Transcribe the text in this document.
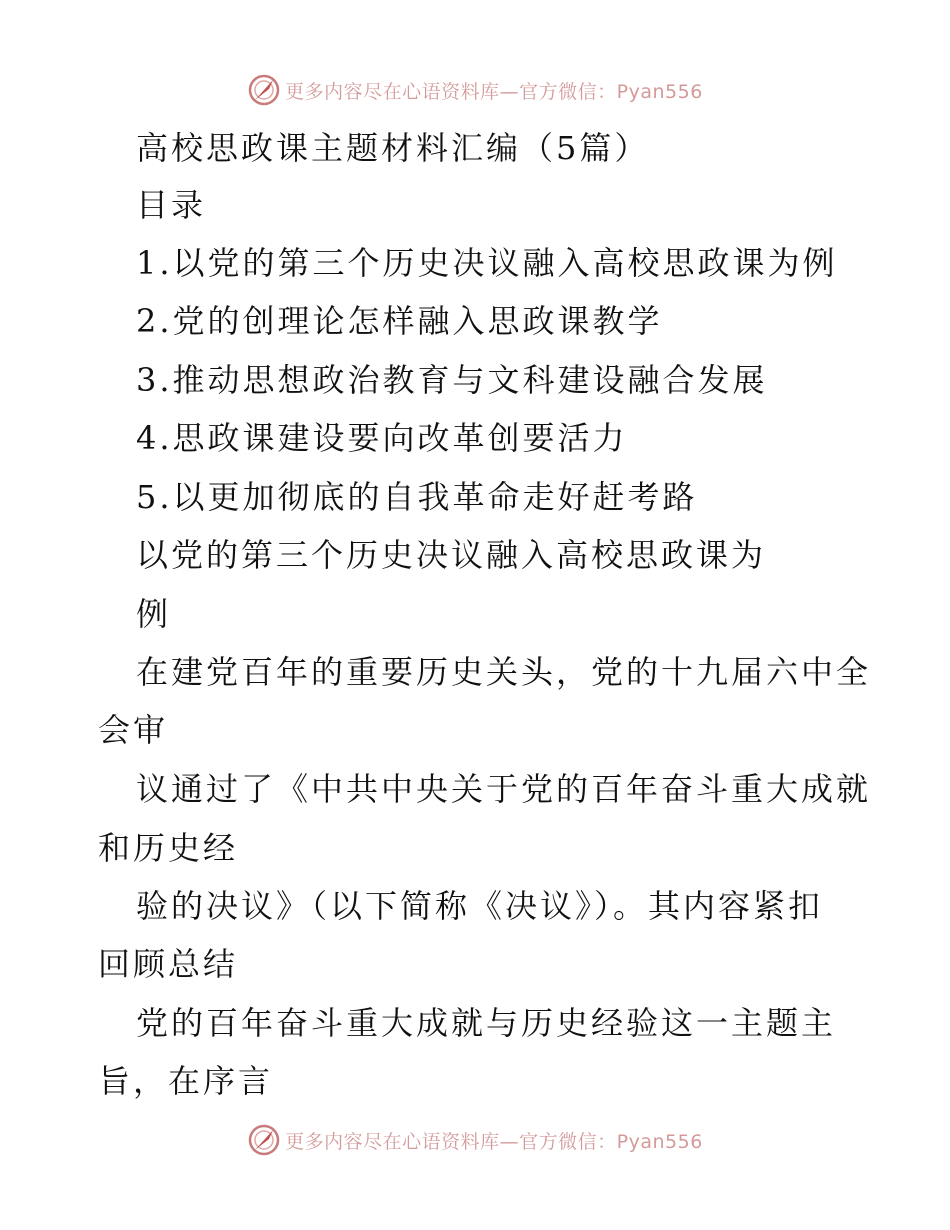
更多内容尽在心语资料库—官方微信：Pyan556
高校思政课主题材料汇编（5篇）
目录
1.以党的第三个历史决议融入高校思政课为例
2.党的创理论怎样融入思政课教学
3.推动思想政治教育与文科建设融合发展
4.思政课建设要向改革创要活力
5.以更加彻底的自我革命走好赶考路
以党的第三个历史决议融入高校思政课为
例
在建党百年的重要历史关头，党的十九届六中全
会审
议通过了《中共中央关于党的百年奋斗重大成就
和历史经
验的决议》（以下简称《决议》）。其内容紧扣
回顾总结
党的百年奋斗重大成就与历史经验这一主题主
旨，在序言
更多内容尽在心语资料库—官方微信：Pyan556
